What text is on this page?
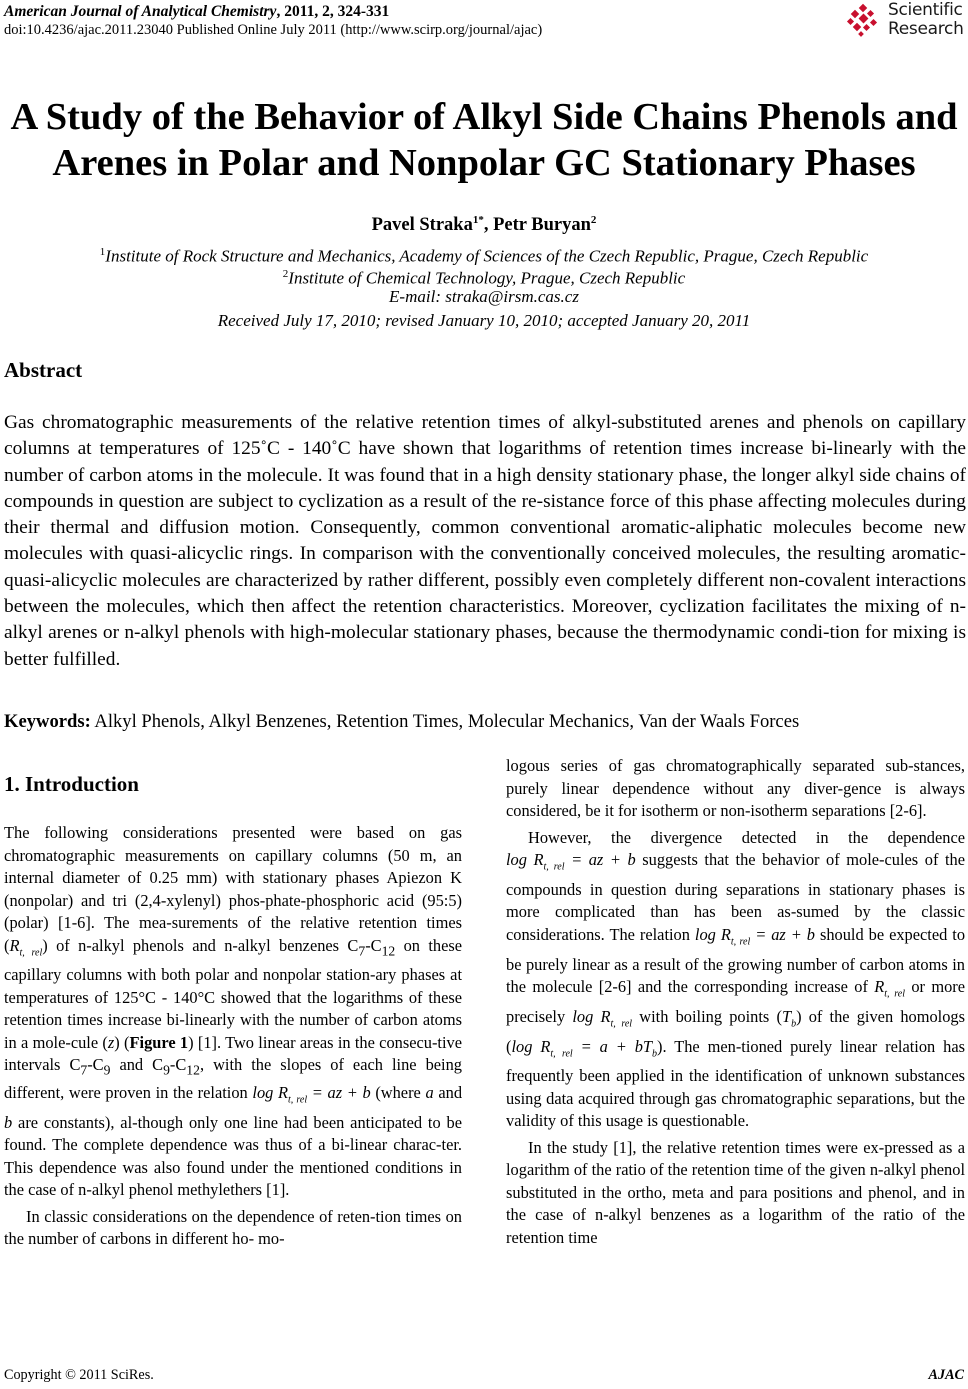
American Journal of Analytical Chemistry, 2011, 2, 324-331
doi:10.4236/ajac.2011.23040 Published Online July 2011 (http://www.scirp.org/journal/ajac)
Scientific
Research
A Study of the Behavior of Alkyl Side Chains Phenols and
Arenes in Polar and Nonpolar GC Stationary Phases
Pavel Straka$^{1*}$, Petr Buryan$^2$
$^1$Institute of Rock Structure and Mechanics, Academy of Sciences of the Czech Republic, Prague, Czech Republic
$^2$Institute of Chemical Technology, Prague, Czech Republic
E-mail: straka@irsm.cas.cz
Received July 17, 2010; revised January 10, 2010; accepted January 20, 2011
Abstract

Gas chromatographic measurements of the relative retention times of alkyl-substituted arenes and phenols on capillary columns at temperatures of 125˚C - 140˚C have shown that logarithms of retention times increase bi-linearly with the number of carbon atoms in the molecule. It was found that in a high density stationary phase, the longer alkyl side chains of compounds in question are subject to cyclization as a result of the re-sistance force of this phase affecting molecules during their thermal and diffusion motion. Consequently, common conventional aromatic-aliphatic molecules become new molecules with quasi-alicyclic rings. In comparison with the conventionally conceived molecules, the resulting aromatic-quasi-alicyclic molecules are characterized by rather different, possibly even completely different non-covalent interactions between the molecules, which then affect the retention characteristics. Moreover, cyclization facilitates the mixing of n-alkyl arenes or n-alkyl phenols with high-molecular stationary phases, because the thermodynamic condi-tion for mixing is better fulfilled.

Keywords: Alkyl Phenols, Alkyl Benzenes, Retention Times, Molecular Mechanics, Van der Waals Forces
1. Introduction

The following considerations presented were based on gas chromatographic measurements on capillary columns (50 m, an internal diameter of 0.25 mm) with stationary phases Apiezon K (nonpolar) and tri (2,4-xylenyl) phos-phate-phosphoric acid (95:5) (polar) [1-6]. The mea-surements of the relative retention times $(R_{t, rel})$ of n-alkyl phenols and n-alkyl benzenes $C_7-C_{12}$ on these capillary columns with both polar and nonpolar station-ary phases at temperatures of 125°C - 140°C showed that the logarithms of these retention times increase bi-linearly with the number of carbon atoms in a mole-cule (z) (Figure 1) [1]. Two linear areas in the consecu-tive intervals $C_7-C_9$ and $C_9-C_{12}$, with the slopes of each line being different, were proven in the relation $\log R_{t, rel}$ = az + b (where a and b are constants), al-though only one line had been anticipated to be found. The complete dependence was thus of a bi-linear charac-ter. This dependence was also found under the mentioned conditions in the case of n-alkyl phenol methylethers [1].

In classic considerations on the dependence of reten-tion times on the number of carbons in different ho- mo-

logous series of gas chromatographically separated sub-stances, purely linear dependence without any diver-gence is always considered, be it for isotherm or non-isotherm separations [2-6].

However, the divergence detected in the dependence $\log R_{t, rel}$ = az + b suggests that the behavior of mole-cules of the compounds in question during separations in stationary phases is more complicated than has been as-sumed by the classic considerations. The relation $\log R_{t, rel}$ = az + b should be expected to be purely linear as a result of the growing number of carbon atoms in the molecule [2-6] and the corresponding increase of $R_{t, rel}$ or more precisely $\log R_{t, rel}$ with boiling points $(T_b)$ of the given homologs (log $R_{t, rel} = a + bT_b$). The men-tioned purely linear relation has frequently been applied in the identification of unknown substances using data acquired through gas chromatographic separations, but the validity of this usage is questionable.

In the study [1], the relative retention times were ex-pressed as a logarithm of the ratio of the retention time of the given n-alkyl phenol substituted in the ortho, meta and para positions and phenol, and in the case of n-alkyl benzenes as a logarithm of the ratio of the retention time

Copyright © 2011 SciRes.	AJAC
